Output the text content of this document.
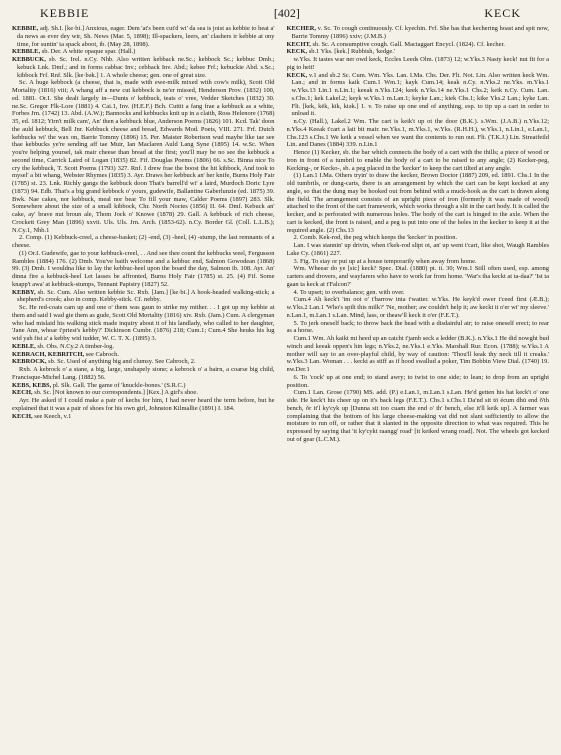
KEBBIE	[402]	KECK

KEBBIE, adj. Sh.I. [ke·bi.] Anxious, eager. Dem 'at's been cut'd wi' da sea is joist as kebbie to heat a' da news as ever dey wir, Sh. News (Mar. 5, 1898); Ill-spackers, leers, an' clashers ir kebbie at ony time, for suntin' ta spack aboot, ib. (May 28, 1898).

KEBBLE, sb. Der. A white opaque spar. (Hall.)

KEBBUCK, sb. Sc. Irel. n.Cy. Nhb. Also written kebback ne.Sc.; kebbock Sc.; kebbuc Dmb.; kebuck Lnk. Dmf.; and in forms cabbac Inv.; cebback Inv. Abd.; kebee Frf.; kebuckie Abd. s.Sc.; kibbock Frf. Rnf. Slk. [ke·bək.] 1. A whole cheese; gen. one of great size.

Sc. A huge kebbock (a cheese, that is, made with ewe-milk mixed with cow's milk), Scott Old Mortality (1816) viii; A whang aff a new cut kebbock is ne'er missed, Henderson Prov. (1832) 100, ed. 1881. Or.I. She dealt largely in—Dunts o' kebbuck, teats o' vree, Vedder Sketches (1832) 30. ne.Sc. Gregor Flk-Lore (1881) 4. Cai.1, Inv. (H.E.F.) Bch. Cuttit a fang frae a kebbuck as a white, Forbes Jrn. (1742) 13. Abd. (A.W.); Bannocks and kebbucks knit up in a claith, Ross Helenore (1768) 35, ed. 1812; Yirn't milk cam', An' then a kebbuck blue, Anderson Poems (1826) 101. Kcd. Tak' doon the auld kebbuck, Bell Jnr. Kebbuck cheese and bread, Edwards Mod. Poets, VIII. 271. Frf. Dutch kebbucks wi' the wax on, Barrie Tommy (1896) 15. Per. Maister Robertson wud maybe like tae see thae kebbucks ye're sending aff tae Muir, Ian Maclaren Auld Lang Syne (1895) 14. w.Sc. When you're helping yoursel, tak mair cheese than bread at the first; you'll may be no see the kebbuck a second time, Carrick Laird of Logan (1835) 82. Fif. Douglas Poems (1806) 66. s.Sc. Binna nice To cry the kebbuck, T. Scott Poems (1793) 327. Rnf. I drew frae the boost the hit kibbock, And took to mysel' a bit whang, Webster Rhymes (1835) 3. Ayr. Draws her kebbuck an' her knife, Burns Holy Fair (1785) st. 23. Lnk. Richly gangs the kebbuck doon That's barrell'd wi' a laird, Murdoch Doric Lyre (1873) 94. Edb. That's a big grand kebbock o' yours, gudewife, Ballantine Gaberlunzie (ed. 1875) 39. Bwk. Nae cakes, nor kebbuck, meal nor bear To fill your maw, Calder Poems (1897) 283. Slk. Somewhere about the size of a small kibbock, Chr. North Noctes (1856) II. 64. Dmf. Kebuck an' cake, ay' brave nut broun ale, Thom Jock o' Knowe (1878) 29. Gall. A kebbuck of rich cheese, Crockett Grey Man (1896) xxvii. Uls. Uls. Jrn. Arch. (1853-62). n.Cy. Border Gl. (Coll. L.L.B.); N.Cy.1, Nhb.1

2. Comp. (1) Kebbuck-creel, a cheese-basket; (2) -end, (3) -heel, (4) -stump, the last remnants of a cheese.

(1) Or.I. Gudewife, gae to your kebbuck-creel, . . And see thee count the kebbucks weel, Fergusson Rambles (1884) 176. (2) Dmb. You've baith welcome and a kebbuc end, Salmon Gowodean (1868) 99. (3) Dmb. I wouldna like to lay the kebbuc-heel upon the board the day, Salmon ib. 108. Ayr. An' dinna fire a kebbuck-heel Let lasses be affronted, Burns Holy Fair (1785) st. 25. (4) Fif. Some knapp't awa' at kebbuck-stumps, Tennant Papistry (1827) 52.

KEBBY, sb. Sc. Cum. Also written kebbie Sc. Rxb. [Jam.] [ke·bi.] A hook-headed walking-stick; a shepherd's crook; also in comp. Kebby-stick. Cf. nebby.

Sc. He red-coats cam up and one o' them was gaun to strike my mither. . . I got up my kebbie at them and said I wad gie them as gude, Scott Old Mortality (1816) xiv. Rxb. (Jam.) Cum. A clergyman who had mislaid his walking stick made inquiry about it of his landlady, who called to her daughter, 'Jane Ann, whoar t'priest's kebby?' Dickinson Cumbr. (1876) 218; Cum.1; Cum.4 She heuks his lug wid yah fist a' a kebby wid tudder, W. C. T. X. (1895) 3.

KEBLE, sb. Obs. N.Cy.2 A timber-log.

KEBRACH, KEBRITCH, see Cabroch.

KEBROCK, sb. Sc. Used of anything big and clumsy. See Cabroch, 2.

Rxb. A kebrock o' a stane, a big, large, unshapely stone; a kebrock o' a bairn, a coarse big child, Francisque-Michel Lang. (1882) 56.

KEBS, KEBS, pl. Slk. Gall. The game of 'knuckle-bones.' (S.R.C.)

KECH, sb. Sc. [Not known to our correspondents.] [Kex.] A girl's shoe.

Ayr. He asked if I could make a pair of kechs for him, I had never heard the term before, but he explained that it was a pair of shoes for his own girl, Johnston Kilmallie (1891) I. 184.

KECH, see Keech, v.1

KECHER, v. Sc. To cough continuously. Cf. kyechin. Frf. She has that kechering hoast and spit now, Barrie Tommy (1896) xxiv; (J.M.B.)

KECHT, sb. Sc. A consumptive cough. Gall. Mactaggart Encycl. (1824). Cf. kecher.

KECK, sb.1 Yks. [kek.] Rubbish, 'kedge.'

w.Yks. It tastes war ner owd keck, Eccles Leeds Olm. (1873) 12; w.Yks.3 Nasty keck! nut fit for a pig to heit!

KECK, v.1 and sb.2 Sc. Cum. Wm. Yks. Lan. I.Ma. Chs. Der. Flt. Not. Lin. Also written keck Wm. Lan.; and in forms kaik Cum.1 Wm.1; kayk Cum.14; keak n.Cy. n.Yks.2 ne.Yks. m.Yks.1 w.Yks.13 Lin.1 n.Lin.1; keeak n.Yks.124; keek n.Yks.14 ne.Yks.1 Chs.2; keik n.Cy. Cum. Lan. s.Chs.1; kek Lakel.2; keyk w.Yks.1 m.Lan.1; keyke Lan.; kiek Chs.1; kike Yks.2 Lan.; kyke Lan. Flt. [kek, kēk, kīk, kiək.] 1. v. To raise up one end of anything, esp. to tip up a cart in order to unload it.

n.Cy. (Hall.), Lakel.2 Wm. The cart is keik't up ot the door (B.K.). s.Wm. (J.A.B.) n.Yks.12; n.Yks.4 Keeak t'cart a lait bit mair. ne.Yks.1, m.Yks.1, w.Yks. (R.H.H.), w.Yks.1, n.Lin.1, e.Lan.1, Chs.123 s.Chs.1 We keik a vessel when we want the contents to run out. Flt. (T.K.J.) Lin. Streatfeild Lin. and Danes (1884) 339. n.Lin.1

Hence (1) Kecker, sb. the bar which connects the body of a cart with the thills; a piece of wood or iron in front of a tumbril to enable the body of a cart to be raised to any angle; (2) Kecker-peg, Kecking-, or Kecko-, sb. a peg placed in the 'kecker' to keep the cart tilted at any angle.

(1) Lan.1 I.Ma. Others tryin' to draw the kecker, Brown Doctor (1887) 209, ed. 1891. Chs.1 In the old tumbrils, or dung-carts, there is an arrangement by which the cart can be kept kecked at any angle, so that the dung may be hooked out from behind with a muck-hook as the cart is drawn along the field. The arrangement consists of an upright piece of iron (formerly it was made of wood) attached to the front of the cart framework, which works through a slit in the cart body. It is called the kecker, and is perforated with numerous holes. The body of the cart is hinged to the axle. When the cart is kecked, the front is raised, and a peg is put into one of the holes in the kecker to keep it at the required angle. (2) Chs.13

2. Comb. Kek-rod, the peg which keeps the 'kecker' in position.

Lan. I was stannin' up drivin, when t'kek-rod slipt ot, an' up went t'cart, like shot, Waugh Rambles Lake Cy. (1861) 227.

3. Fig. To stay or put up at a house temporarily when away from home.

Wm. Wheear do ye [sic] keck? Spec. Dial. (1880) pt. ii. 30; Wm.1 Still often used, esp. among carters and drovers, and wayfarers who have to work far from home. 'War's tha keckt at ta-daa?' 'Ist ta gaan ta keck at t'Falcon?'

4. To upset; to overbalance; gen. with over.

Cum.4 Ah keck't 'im oot o' t'barrow inta t'watter. w.Yks. He keyk'd ower t'ceed first (Æ.B.); w.Yks.2 Lan.1 'Who's spilt this milk?' 'Ne, mother; aw couldn't help it; aw keckt it o'er wi' my sleeve.' n.Lan.1, m.Lan.1 s.Lan. Mind, lass, or theaw'll keck it o'er (F.E.T.).

5. To jerk oneself back; to throw back the head with a disdainful air; to raise oneself erect; to rear as a horse.

Cum.1 Wm. Ah kaikt mi heed up an catcht t'jamb seck a ledder (B.K.). n.Yks.1 He did nowght bud winch and keeak oppen's hin legs; n.Yks.2, ne.Yks.1 e.Yks. Marshall Rur. Econ. (1788); w.Yks.1 A mother will say to an over-playful child, by way of caution: 'Thou'll keak thy neck till it creaks.' w.Yks.3 Lan. Woman . . . keckt as stiff as if hood swallud a poker, Tim Bobbin View Dial. (1740) 19. nw.Der.1

6. To 'cock' up at one end; to stand awry; to twist to one side; to lean; to drop from an upright position.

Cum.1 Lan. Grose (1790) MS. add. (P.) e.Lan.1, m.Lan.1 s.Lan. He'd getten his hat keck't o' one side. He keck't his cheer up on it's back legs (F.E.T.). Chs.1 s.Chs.1 Da'nd sit tö écum dhū end ŏ'th bench, ŏr it'l ky'cyk up [Dunna sit too cuam the end o' th' bench, else it'll keik up]. A farmer was complaining that the bottom of his large cheese-making vat did not slant sufficiently to allow the moisture to run off, or rather that it slanted in the opposite direction to what was required. This he expressed by saying that 'it ky'cykt raangg' road' [it keiked wrang road]. Not. The wheels got kecked out of gear (L.C.M.).
